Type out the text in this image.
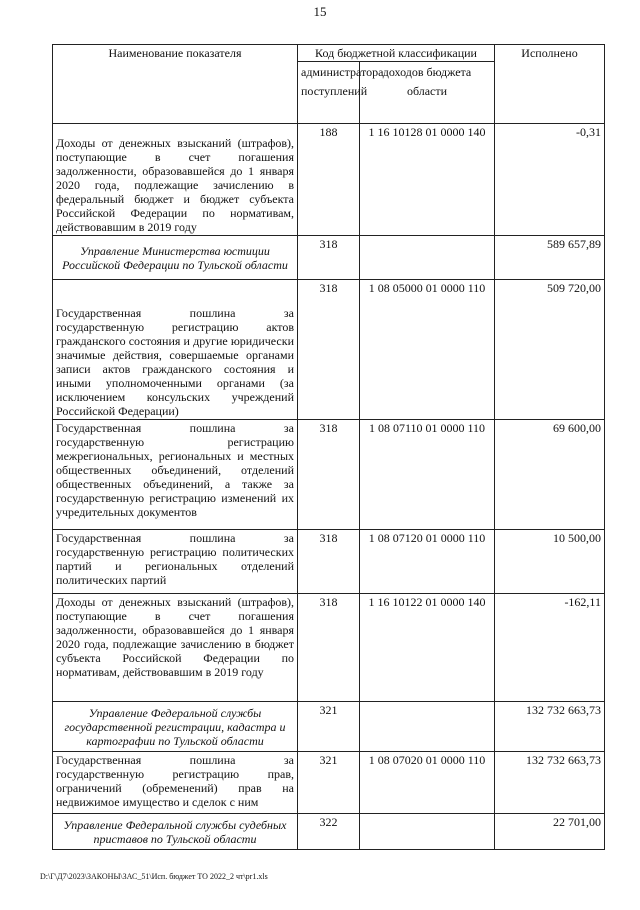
15
Наименование показателя	Код бюджетной классификации		Исполнено
	администратора поступлений	доходов бюджета области	
Доходы от денежных взысканий (штрафов), поступающие в счет погашения задолженности, образовавшейся до 1 января 2020 года, подлежащие зачислению в федеральный бюджет и бюджет субъекта Российской Федерации по нормативам, действовавшим в 2019 году	188	1 16 10128 01 0000 140	-0,31
Управление Министерства юстиции Российской Федерации по Тульской области	318		589 657,89
Государственная пошлина за государственную регистрацию актов гражданского состояния и другие юридически значимые действия, совершаемые органами записи актов гражданского состояния и иными уполномоченными органами (за исключением консульских учреждений Российской Федерации)	318	1 08 05000 01 0000 110	509 720,00
Государственная пошлина за государственную регистрацию межрегиональных, региональных и местных общественных объединений, отделений общественных объединений, а также за государственную регистрацию изменений их учредительных документов	318	1 08 07110 01 0000 110	69 600,00
Государственная пошлина за государственную регистрацию политических партий и региональных отделений политических партий	318	1 08 07120 01 0000 110	10 500,00
Доходы от денежных взысканий (штрафов), поступающие в счет погашения задолженности, образовавшейся до 1 января 2020 года, подлежащие зачислению в бюджет субъекта Российской Федерации по нормативам, действовавшим в 2019 году	318	1 16 10122 01 0000 140	-162,11
Управление Федеральной службы государственной регистрации, кадастра и картографии по Тульской области	321		132 732 663,73
Государственная пошлина за государственную регистрацию прав, ограничений (обременений) прав на недвижимое имущество и сделок с ним	321	1 08 07020 01 0000 110	132 732 663,73
Управление Федеральной службы судебных приставов по Тульской области	322		22 701,00
D:\Г\Д7\2023\ЗАКОНЫ\ЗАС_51\Исп. бюджет ТО 2022_2 чт\pr1.xls
